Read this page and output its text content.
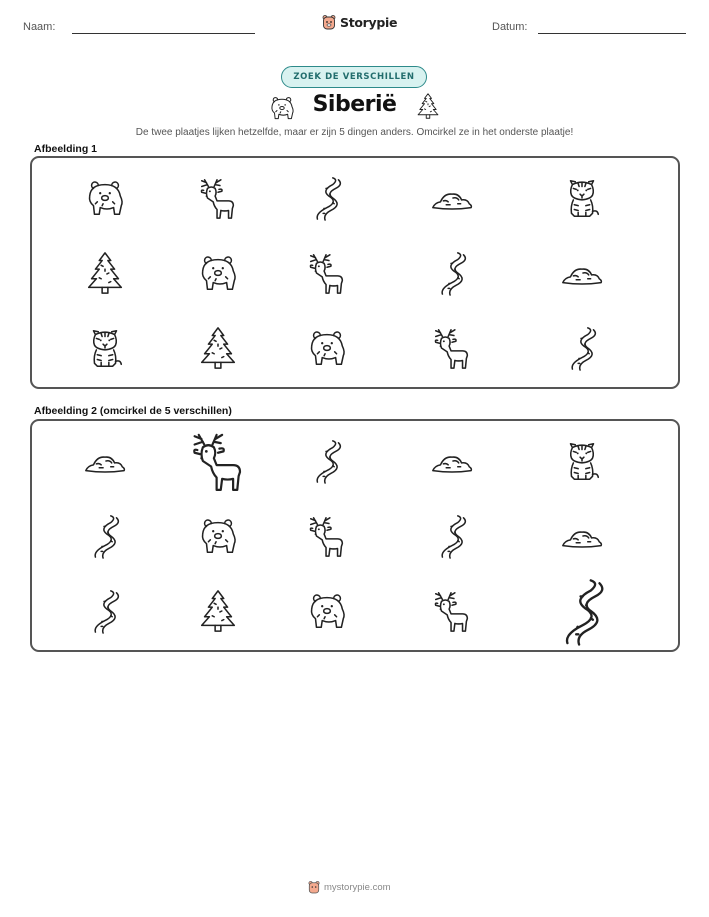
Naam:	Storypie	Datum:
ZOEK DE VERSCHILLEN
Siberië
De twee plaatjes lijken hetzelfde, maar er zijn 5 dingen anders. Omcirkel ze in het onderste plaatje!
Afbeelding 1
Afbeelding 2 (omcirkel de 5 verschillen)
mystorypie.com
